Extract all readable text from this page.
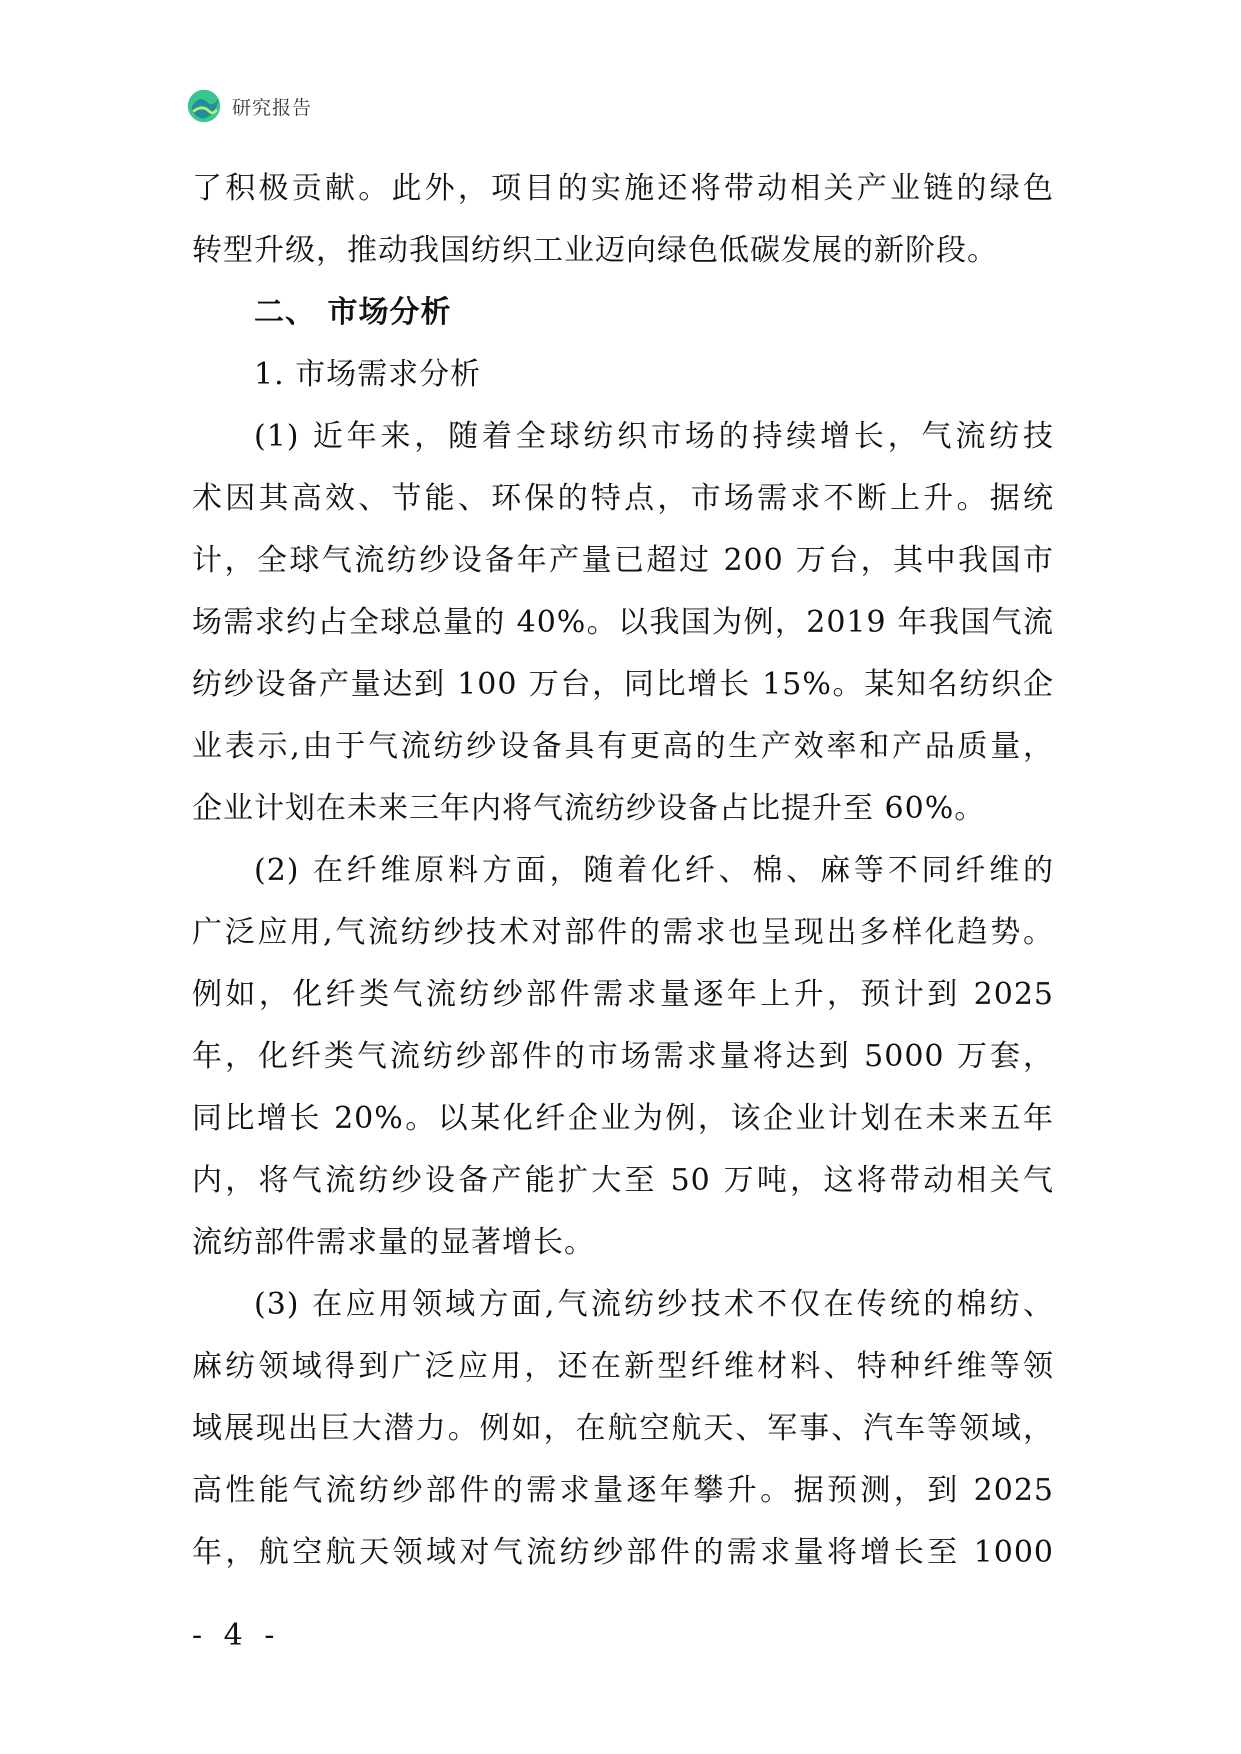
研究报告
了积极贡献。此外，项目的实施还将带动相关产业链的绿色
转型升级，推动我国纺织工业迈向绿色低碳发展的新阶段。
二、 市场分析
1. 市场需求分析
(1) 近年来，随着全球纺织市场的持续增长，气流纺技
术因其高效、节能、环保的特点，市场需求不断上升。据统
计，全球气流纺纱设备年产量已超过 200 万台，其中我国市
场需求约占全球总量的 40%。以我国为例，2019 年我国气流
纺纱设备产量达到 100 万台，同比增长 15%。某知名纺织企
业表示,由于气流纺纱设备具有更高的生产效率和产品质量，
企业计划在未来三年内将气流纺纱设备占比提升至 60%。
(2) 在纤维原料方面，随着化纤、棉、麻等不同纤维的
广泛应用,气流纺纱技术对部件的需求也呈现出多样化趋势。
例如，化纤类气流纺纱部件需求量逐年上升，预计到 2025
年，化纤类气流纺纱部件的市场需求量将达到 5000 万套，
同比增长 20%。以某化纤企业为例，该企业计划在未来五年
内，将气流纺纱设备产能扩大至 50 万吨，这将带动相关气
流纺部件需求量的显著增长。
(3) 在应用领域方面,气流纺纱技术不仅在传统的棉纺、
麻纺领域得到广泛应用，还在新型纤维材料、特种纤维等领
域展现出巨大潜力。例如，在航空航天、军事、汽车等领域，
高性能气流纺纱部件的需求量逐年攀升。据预测，到 2025
年，航空航天领域对气流纺纱部件的需求量将增长至 1000
- 4 -
